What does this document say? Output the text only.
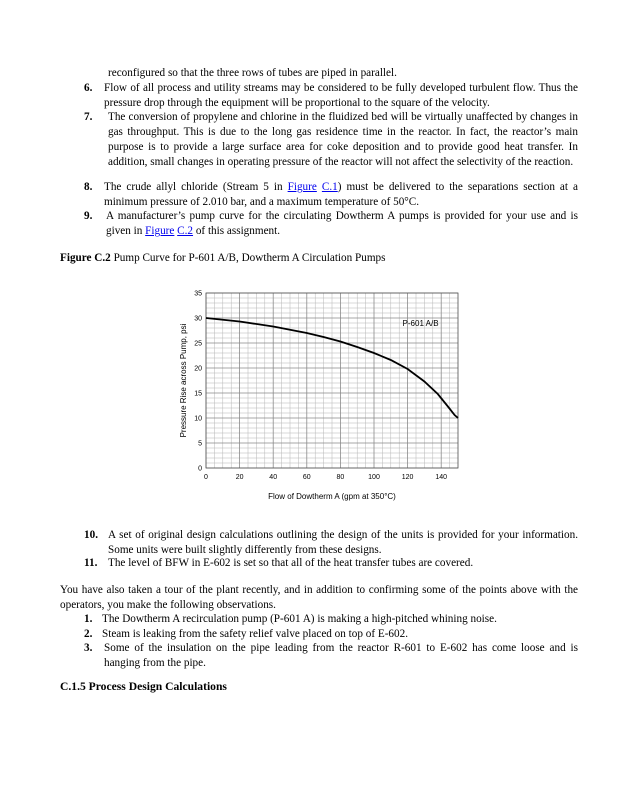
reconfigured so that the three rows of tubes are piped in parallel.
6.	Flow of all process and utility streams may be considered to be fully developed turbulent flow. Thus the pressure drop through the equipment will be proportional to the square of the velocity.
7.	The conversion of propylene and chlorine in the fluidized bed will be virtually unaffected by changes in gas throughput. This is due to the long gas residence time in the reactor. In fact, the reactor’s main purpose is to provide a large surface area for coke deposition and to provide good heat transfer. In addition, small changes in operating pressure of the reactor will not affect the selectivity of the reaction.
8.	The crude allyl chloride (Stream 5 in Figure C.1) must be delivered to the separations section at a minimum pressure of 2.010 bar, and a maximum temperature of 50°C.
9.	A manufacturer’s pump curve for the circulating Dowtherm A pumps is provided for your use and is given in Figure C.2 of this assignment.
Figure C.2 Pump Curve for P-601 A/B, Dowtherm A Circulation Pumps
0	20	40	60	80	100	120	140
0
5
10
15
20
25
30
35
P-601 A/B
Flow of Dowtherm A (gpm at 350°C)
Pressure Rise across Pump, psi
10. A set of original design calculations outlining the design of the units is provided for your information. Some units were built slightly differently from these designs.
11. The level of BFW in E-602 is set so that all of the heat transfer tubes are covered.
You have also taken a tour of the plant recently, and in addition to confirming some of the points above with the operators, you make the following observations.
1. The Dowtherm A recirculation pump (P-601 A) is making a high-pitched whining noise.
2. Steam is leaking from the safety relief valve placed on top of E-602.
3.	Some of the insulation on the pipe leading from the reactor R-601 to E-602 has come loose and is hanging from the pipe.
C.1.5 Process Design Calculations
